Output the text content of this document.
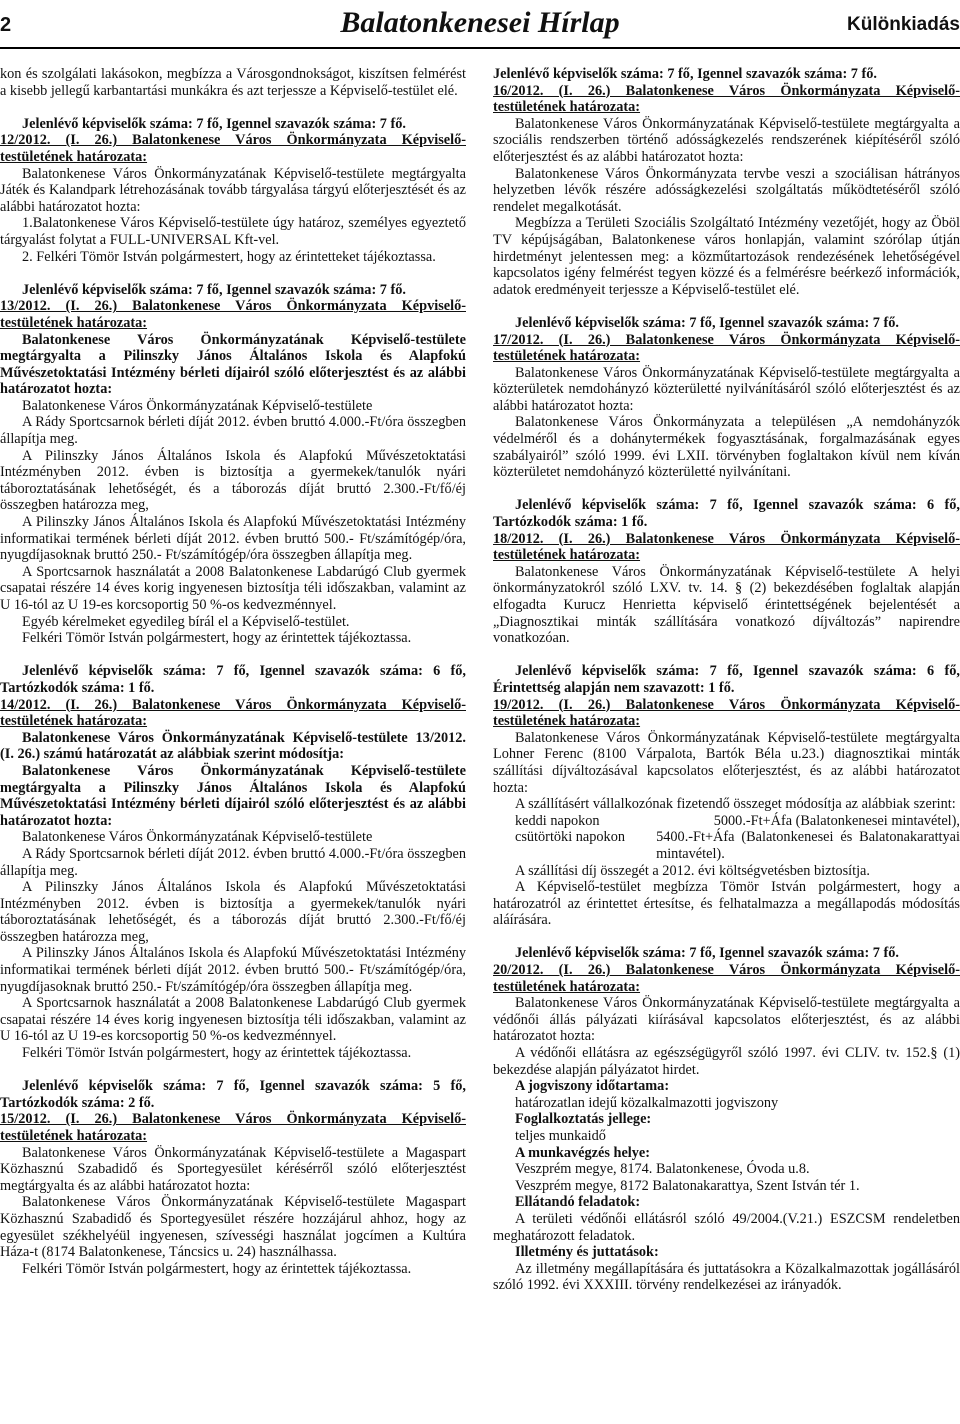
2	Balatonkenesei Hírlap	Különkiadás

kon és szolgálati lakásokon, megbízza a Városgondnokságot, kiszítsen felmérést a kisebb jellegű karbantartási munkákra és azt terjessze a Képviselő-testület elé.

Jelenlévő képviselők száma: 7 fő, Igennel szavazók száma: 7 fő.

12/2012. (I. 26.) Balatonkenese Város Önkormányzata Képviselő-testületének határozata:

Balatonkenese Város Önkormányzatának Képviselő-testülete megtárgyalta Játék és Kalandpark létrehozásának tovább tárgyalása tárgyú előterjesztését és az alábbi határozatot hozta:

1.Balatonkenese Város Képviselő-testülete úgy határoz, személyes egyeztető tárgyalást folytat a FULL-UNIVERSAL Kft-vel.

2. Felkéri Tömör István polgármestert, hogy az érintetteket tájékoztassa.

Jelenlévő képviselők száma: 7 fő, Igennel szavazók száma: 7 fő.

13/2012. (I. 26.) Balatonkenese Város Önkormányzata Képviselő-testületének határozata:

Balatonkenese Város Önkormányzatának Képviselő-testülete megtárgyalta a Pilinszky János Általános Iskola és Alapfokú Művészetoktatási Intézmény bérleti díjairól szóló előterjesztést és az alábbi határozatot hozta:

Balatonkenese Város Önkormányzatának Képviselő-testülete

A Rády Sportcsarnok bérleti díját 2012. évben bruttó 4.000.-Ft/óra összegben állapítja meg.

A Pilinszky János Általános Iskola és Alapfokú Művészetoktatási Intézményben 2012. évben is biztosítja a gyermekek/tanulók nyári táboroztatásának lehetőségét, és a táborozás díját bruttó 2.300.-Ft/fő/éj összegben határozza meg,

A Pilinszky János Általános Iskola és Alapfokú Művészetoktatási Intézmény informatikai termének bérleti díját 2012. évben bruttó 500.- Ft/számítógép/óra, nyugdíjasoknak bruttó 250.- Ft/számítógép/óra összegben állapítja meg.

A Sportcsarnok használatát a 2008 Balatonkenese Labdarúgó Club gyermek csapatai részére 14 éves korig ingyenesen biztosítja téli időszakban, valamint az U 16-tól az U 19-es korcsoportig 50 %-os kedvezménnyel.

Egyéb kérelmeket egyedileg bírál el a Képviselő-testület.

Felkéri Tömör István polgármestert, hogy az érintettek tájékoztassa.

Jelenlévő képviselők száma: 7 fő, Igennel szavazók száma: 6 fő, Tartózkodók száma: 1 fő.

14/2012. (I. 26.) Balatonkenese Város Önkormányzata Képviselő-testületének határozata:

Balatonkenese Város Önkormányzatának Képviselő-testülete 13/2012. (I. 26.) számú határozatát az alábbiak szerint módosítja:

Balatonkenese Város Önkormányzatának Képviselő-testülete megtárgyalta a Pilinszky János Általános Iskola és Alapfokú Művészetoktatási Intézmény bérleti díjairól szóló előterjesztést és az alábbi határozatot hozta:

Balatonkenese Város Önkormányzatának Képviselő-testülete

A Rády Sportcsarnok bérleti díját 2012. évben bruttó 4.000.-Ft/óra összegben állapítja meg.

A Pilinszky János Általános Iskola és Alapfokú Művészetoktatási Intézményben 2012. évben is biztosítja a gyermekek/tanulók nyári táboroztatásának lehetőségét, és a táborozás díját bruttó 2.300.-Ft/fő/éj összegben határozza meg,

A Pilinszky János Általános Iskola és Alapfokú Művészetoktatási Intézmény informatikai termének bérleti díját 2012. évben bruttó 500.- Ft/számítógép/óra, nyugdíjasoknak bruttó 250.- Ft/számítógép/óra összegben állapítja meg.

A Sportcsarnok használatát a 2008 Balatonkenese Labdarúgó Club gyermek csapatai részére 14 éves korig ingyenesen biztosítja téli időszakban, valamint az U 16-tól az U 19-es korcsoportig 50 %-os kedvezménnyel.

Felkéri Tömör István polgármestert, hogy az érintettek tájékoztassa.

Jelenlévő képviselők száma: 7 fő, Igennel szavazók száma: 5 fő, Tartózkodók száma: 2 fő.

15/2012. (I. 26.) Balatonkenese Város Önkormányzata Képviselő-testületének határozata:

Balatonkenese Város Önkormányzatának Képviselő-testülete a Magaspart Közhasznú Szabadidő és Sportegyesület kérésérről szóló előterjesztést megtárgyalta és az alábbi határozatot hozta:

Balatonkenese Város Önkormányzatának Képviselő-testülete Magaspart Közhasznú Szabadidő és Sportegyesület részére hozzájárul ahhoz, hogy az egyesület székhelyéül ingyenesen, szívességi használat jogcímen a Kultúra Háza-t (8174 Balatonkenese, Táncsics u. 24) használhassa.

Felkéri Tömör István polgármestert, hogy az érintettek tájékoztassa.

Jelenlévő képviselők száma: 7 fő, Igennel szavazók száma: 7 fő.

16/2012. (I. 26.) Balatonkenese Város Önkormányzata Képviselő-testületének határozata:

Balatonkenese Város Önkormányzatának Képviselő-testülete megtárgyalta a szociális rendszerben történő adósságkezelés rendszerének kiépítéséről szóló előterjesztést és az alábbi határozatot hozta:

Balatonkenese Város Önkormányzata tervbe veszi a szociálisan hátrányos helyzetben lévők részére adósságkezelési szolgáltatás működtetéséről szóló rendelet megalkotását.

Megbízza a Területi Szociális Szolgáltató Intézmény vezetőjét, hogy az Öböl TV képújságában, Balatonkenese város honlapján, valamint szórólap útján hirdetményt jelentessen meg: a közműtartozások rendezésének lehetőségével kapcsolatos igény felmérést tegyen közzé és a felmérésre beérkező információk, adatok eredményeit terjessze a Képviselő-testület elé.

Jelenlévő képviselők száma: 7 fő, Igennel szavazók száma: 7 fő.

17/2012. (I. 26.) Balatonkenese Város Önkormányzata Képviselő-testületének határozata:

Balatonkenese Város Önkormányzatának Képviselő-testülete megtárgyalta a közterületek nemdohányzó közterületté nyilvánításáról szóló előterjesztést és az alábbi határozatot hozta:

Balatonkenese Város Önkormányzata a településen „A nemdohányzók védelméről és a dohánytermékek fogyasztásának, forgalmazásának egyes szabályairól” szóló 1999. évi LXII. törvényben foglaltakon kívül nem kíván közterületet nemdohányzó közterületté nyilvánítani.

Jelenlévő képviselők száma: 7 fő, Igennel szavazók száma: 6 fő, Tartózkodók száma: 1 fő.

18/2012. (I. 26.) Balatonkenese Város Önkormányzata Képviselő-testületének határozata:

Balatonkenese Város Önkormányzatának Képviselő-testülete A helyi önkormányzatokról szóló LXV. tv. 14. § (2) bekezdésében foglaltak alapján elfogadta Kurucz Henrietta képviselő érintettségének bejelentését a „Diagnosztikai minták szállítására vonatkozó díjváltozás” napirendre vonatkozóan.

Jelenlévő képviselők száma: 7 fő, Igennel szavazók száma: 6 fő, Érintettség alapján nem szavazott: 1 fő.

19/2012. (I. 26.) Balatonkenese Város Önkormányzata Képviselő-testületének határozata:

Balatonkenese Város Önkormányzatának Képviselő-testülete megtárgyalta Lohner Ferenc (8100 Várpalota, Bartók Béla u.23.) diagnosztikai minták szállítási díjváltozásával kapcsolatos előterjesztést, és az alábbi határozatot hozta:

A szállításért vállalkozónak fizetendő összeget módosítja az alábbiak szerint:

keddi napokon	5000.-Ft+Áfa (Balatonkenesei mintavétel),

csütörtöki napokon	5400.-Ft+Áfa (Balatonkenesei és Balatonakarattyai mintavétel).

A szállítási díj összegét a 2012. évi költségvetésben biztosítja.

A Képviselő-testület megbízza Tömör István polgármestert, hogy a határozatról az érintettet értesítse, és felhatalmazza a megállapodás módosítás aláírására.

Jelenlévő képviselők száma: 7 fő, Igennel szavazók száma: 7 fő.

20/2012. (I. 26.) Balatonkenese Város Önkormányzata Képviselő-testületének határozata:

Balatonkenese Város Önkormányzatának Képviselő-testülete megtárgyalta a védőnői állás pályázati kiírásával kapcsolatos előterjesztést, és az alábbi határozatot hozta:

A védőnői ellátásra az egészségügyről szóló 1997. évi CLIV. tv. 152.§ (1) bekezdése alapján pályázatot hirdet.

A jogviszony időtartama:

határozatlan idejű közalkalmazotti jogviszony

Foglalkoztatás jellege:

teljes munkaidő

A munkavégzés helye:

Veszprém megye, 8174. Balatonkenese, Óvoda u.8.

Veszprém megye, 8172 Balatonakarattya, Szent István tér 1.

Ellátandó feladatok:

A területi védőnői ellátásról szóló 49/2004.(V.21.) ESZCSM rendeletben meghatározott feladatok.

Illetmény és juttatások:

Az illetmény megállapítására és juttatásokra a Közalkalmazottak jogállásáról szóló 1992. évi XXXIII. törvény rendelkezései az irányadók.
